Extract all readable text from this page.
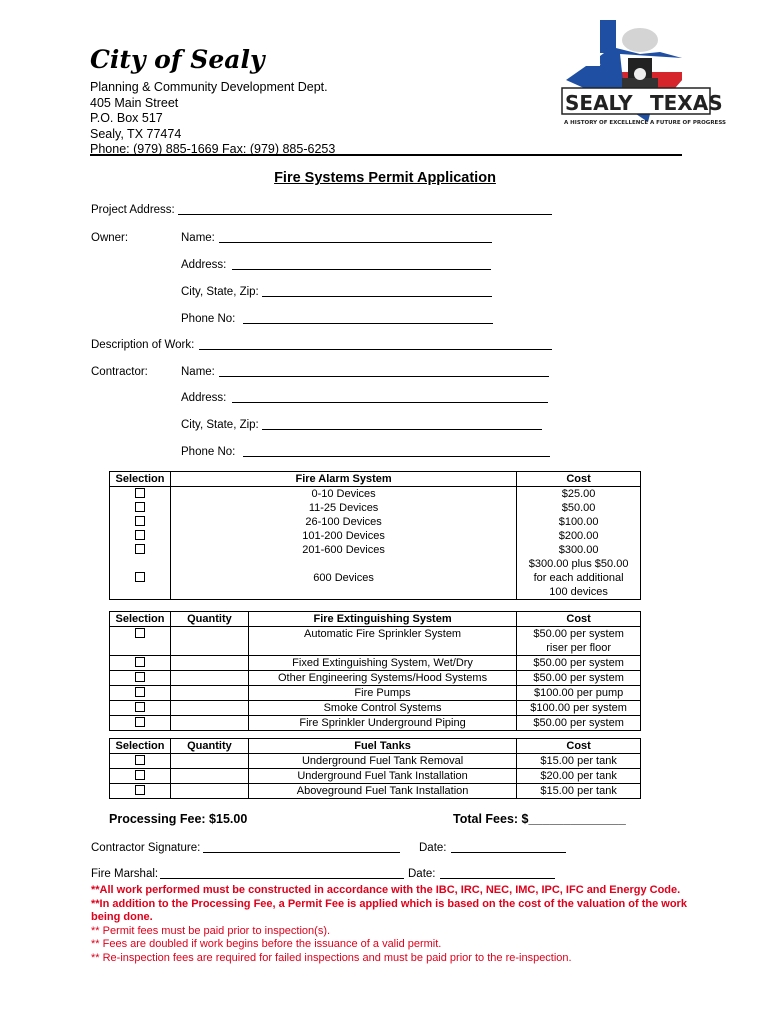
City of Sealy
Planning & Community Development Dept.
405 Main Street
P.O. Box 517
Sealy, TX 77474
Phone: (979) 885-1669 Fax: (979) 885-6253
SEALY TEXAS
A HISTORY OF EXCELLENCE A FUTURE OF PROGRESS
Fire Systems Permit Application
Project Address:
Owner:	Name:
Address:
City, State, Zip:
Phone No:
Description of Work:
Contractor:	Name:
Address:
City, State, Zip:
Phone No:
Selection	Fire Alarm System	Cost
	0-10 Devices	$25.00
	11-25 Devices	$50.00
	26-100 Devices	$100.00
	101-200 Devices	$200.00
	201-600 Devices	$300.00
	600 Devices	$300.00 plus $50.00
for each additional
100 devices
Selection	Quantity	Fire Extinguishing System	Cost
		Automatic Fire Sprinkler System	$50.00 per system
riser per floor

		Fixed Extinguishing System, Wet/Dry	$50.00 per system
		Other Engineering Systems/Hood Systems	$50.00 per system
		Fire Pumps	$100.00 per pump
		Smoke Control Systems	$100.00 per system
		Fire Sprinkler Underground Piping	$50.00 per system
Selection	Quantity	Fuel Tanks	Cost
		Underground Fuel Tank Removal	$15.00 per tank
		Underground Fuel Tank Installation	$20.00 per tank
		Aboveground Fuel Tank Installation	$15.00 per tank
Processing Fee: $15.00	Total Fees: $______________
Contractor Signature:	Date:
Fire Marshal:	Date:
**All work performed must be constructed in accordance with the IBC, IRC, NEC, IMC, IPC, IFC and Energy Code.
**In addition to the Processing Fee, a Permit Fee is applied which is based on the cost of the valuation of the work being done.
** Permit fees must be paid prior to inspection(s).
** Fees are doubled if work begins before the issuance of a valid permit.
** Re-inspection fees are required for failed inspections and must be paid prior to the re-inspection.
